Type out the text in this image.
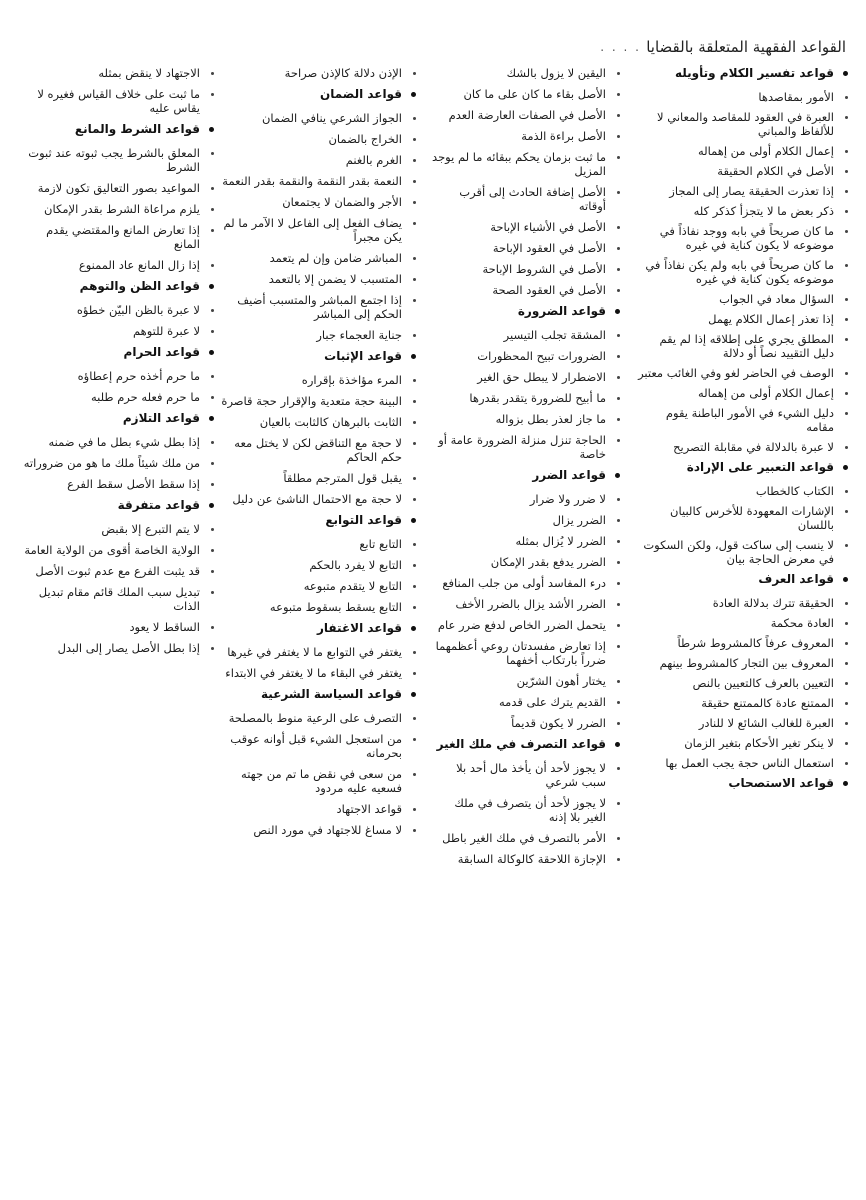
القواعد الفقهية المتعلقة بالقضايا
. . . .
قواعد تفسير الكلام وتأويله
الأمور بمقاصدها
العبرة في العقود للمقاصد والمعاني لا للألفاظ والمباني
إعمال الكلام أولى من إهماله
الأصل في الكلام الحقيقة
إذا تعذرت الحقيقة يصار إلى المجاز
ذكر بعض ما لا يتجزأ كذكر كله
ما كان صريحاً في بابه ووجد نفاذاً في موضوعه لا يكون كناية في غيره
ما كان صريحاً في بابه ولم يكن نفاذاً في موضوعه يكون كناية في غيره
السؤال معاد في الجواب
إذا تعذر إعمال الكلام يهمل
المطلق يجري على إطلاقه إذا لم يقم دليل التقييد نصاً أو دلالة
الوصف في الحاضر لغو وفي الغائب معتبر
إعمال الكلام أولى من إهماله
دليل الشيء في الأمور الباطنة يقوم مقامه
لا عبرة بالدلالة في مقابلة التصريح
قواعد التعبير على الإرادة
الكتاب كالخطاب
الإشارات المعهودة للأخرس كالبيان باللسان
لا ينسب إلى ساكت قول، ولكن السكوت في معرض الحاجة بيان
قواعد العرف
الحقيقة تترك بدلالة العادة
العادة محكمة
المعروف عرفاً كالمشروط شرطاً
المعروف بين التجار كالمشروط بينهم
التعيين بالعرف كالتعيين بالنص
الممتنع عادة كالممتنع حقيقة
العبرة للغالب الشائع لا للنادر
لا ينكر تغير الأحكام بتغير الزمان
استعمال الناس حجة يجب العمل بها
قواعد الاستصحاب
اليقين لا يزول بالشك
الأصل بقاء ما كان على ما كان
الأصل في الصفات العارضة العدم
الأصل براءة الذمة
ما ثبت بزمان يحكم ببقائه ما لم يوجد المزيل
الأصل إضافة الحادث إلى أقرب أوقاته
الأصل في الأشياء الإباحة
الأصل في العقود الإباحة
الأصل في الشروط الإباحة
الأصل في العقود الصحة
قواعد الضرورة
المشقة تجلب التيسير
الضرورات تبيح المحظورات
الاضطرار لا يبطل حق الغير
ما أبيح للضرورة يتقدر بقدرها
ما جاز لعذر بطل بزواله
الحاجة تنزل منزلة الضرورة عامة أو خاصة
قواعد الضرر
لا ضرر ولا ضرار
الضرر يزال
الضرر لا يُزال بمثله
الضرر يدفع بقدر الإمكان
درء المفاسد أولى من جلب المنافع
الضرر الأشد يزال بالضرر الأخف
يتحمل الضرر الخاص لدفع ضرر عام
إذا تعارض مفسدتان روعي أعظمهما ضرراً بارتكاب أخفهما
يختار أهون الشرّين
القديم يترك على قدمه
الضرر لا يكون قديماً
قواعد التصرف في ملك الغير
لا يجوز لأحد أن يأخذ مال أحد بلا سبب شرعي
لا يجوز لأحد أن يتصرف في ملك الغير بلا إذنه
الأمر بالتصرف في ملك الغير باطل
الإجازة اللاحقة كالوكالة السابقة
الإذن دلالة كالإذن صراحة
قواعد الضمان
الجواز الشرعي ينافي الضمان
الخراج بالضمان
الغرم بالغنم
النعمة بقدر النقمة والنقمة بقدر النعمة
الأجر والضمان لا يجتمعان
يضاف الفعل إلى الفاعل لا الآمر ما لم يكن مجبراً
المباشر ضامن وإن لم يتعمد
المتسبب لا يضمن إلا بالتعمد
إذا اجتمع المباشر والمتسبب أضيف الحكم إلى المباشر
جناية العجماء جبار
قواعد الإثبات
المرء مؤاخذة بإقراره
البينة حجة متعدية والإقرار حجة قاصرة
الثابت بالبرهان كالثابت بالعيان
لا حجة مع التناقض لكن لا يختل معه حكم الحاكم
يقبل قول المترجم مطلقاً
لا حجة مع الاحتمال الناشئ عن دليل
قواعد التوابع
التابع تابع
التابع لا يفرد بالحكم
التابع لا يتقدم متبوعه
التابع يسقط بسقوط متبوعه
قواعد الاغتفار
يغتفر في التوابع ما لا يغتفر في غيرها
يغتفر في البقاء ما لا يغتفر في الابتداء
قواعد السياسة الشرعية
التصرف على الرعية منوط بالمصلحة
من استعجل الشيء قبل أوانه عوقب بحرمانه
من سعى في نقض ما تم من جهته فسعيه عليه مردود
قواعد الاجتهاد
لا مساغ للاجتهاد في مورد النص
الاجتهاد لا ينقض بمثله
ما ثبت على خلاف القياس فغيره لا يقاس عليه
قواعد الشرط والمانع
المعلق بالشرط يجب ثبوته عند ثبوت الشرط
المواعيد بصور التعاليق تكون لازمة
يلزم مراعاة الشرط بقدر الإمكان
إذا تعارض المانع والمقتضي يقدم المانع
إذا زال المانع عاد الممنوع
قواعد الظن والتوهم
لا عبرة بالظن البيّن خطؤه
لا عبرة للتوهم
قواعد الحرام
ما حرم أخذه حرم إعطاؤه
ما حرم فعله حرم طلبه
قواعد التلازم
إذا بطل شيء بطل ما في ضمنه
من ملك شيئاً ملك ما هو من ضروراته
إذا سقط الأصل سقط الفرع
قواعد متفرقة
لا يتم التبرع إلا بقبض
الولاية الخاصة أقوى من الولاية العامة
قد يثبت الفرع مع عدم ثبوت الأصل
تبديل سبب الملك قائم مقام تبديل الذات
الساقط لا يعود
إذا بطل الأصل يصار إلى البدل
